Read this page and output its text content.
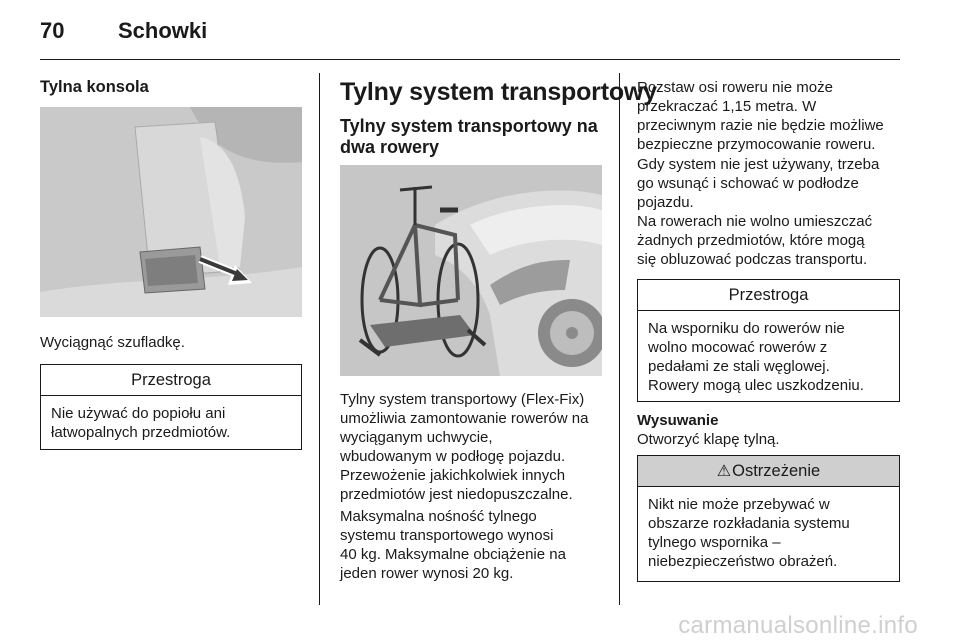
70 Schowki
Tylna konsola
Wyciągnąć szufladkę.
Przestroga
Nie używać do popiołu ani
łatwopalnych przedmiotów.
Tylny system transportowy
Tylny system transportowy na
dwa rowery
Tylny system transportowy (Flex-Fix)
umożliwia zamontowanie rowerów na
wyciąganym uchwycie,
wbudowanym w podłogę pojazdu.
Przewożenie jakichkolwiek innych
przedmiotów jest niedopuszczalne.
Maksymalna nośność tylnego
systemu transportowego wynosi
40 kg. Maksymalne obciążenie na
jeden rower wynosi 20 kg.
Rozstaw osi roweru nie może
przekraczać 1,15 metra. W
przeciwnym razie nie będzie możliwe
bezpieczne przymocowanie roweru.
Gdy system nie jest używany, trzeba
go wsunąć i schować w podłodze
pojazdu.
Na rowerach nie wolno umieszczać
żadnych przedmiotów, które mogą
się obluzować podczas transportu.
Przestroga
Na wsporniku do rowerów nie
wolno mocować rowerów z
pedałami ze stali węglowej.
Rowery mogą ulec uszkodzeniu.
Wysuwanie
Otworzyć klapę tylną.
⚠Ostrzeżenie
Nikt nie może przebywać w
obszarze rozkładania systemu
tylnego wspornika –
niebezpieczeństwo obrażeń.
carmanualsonline.info
